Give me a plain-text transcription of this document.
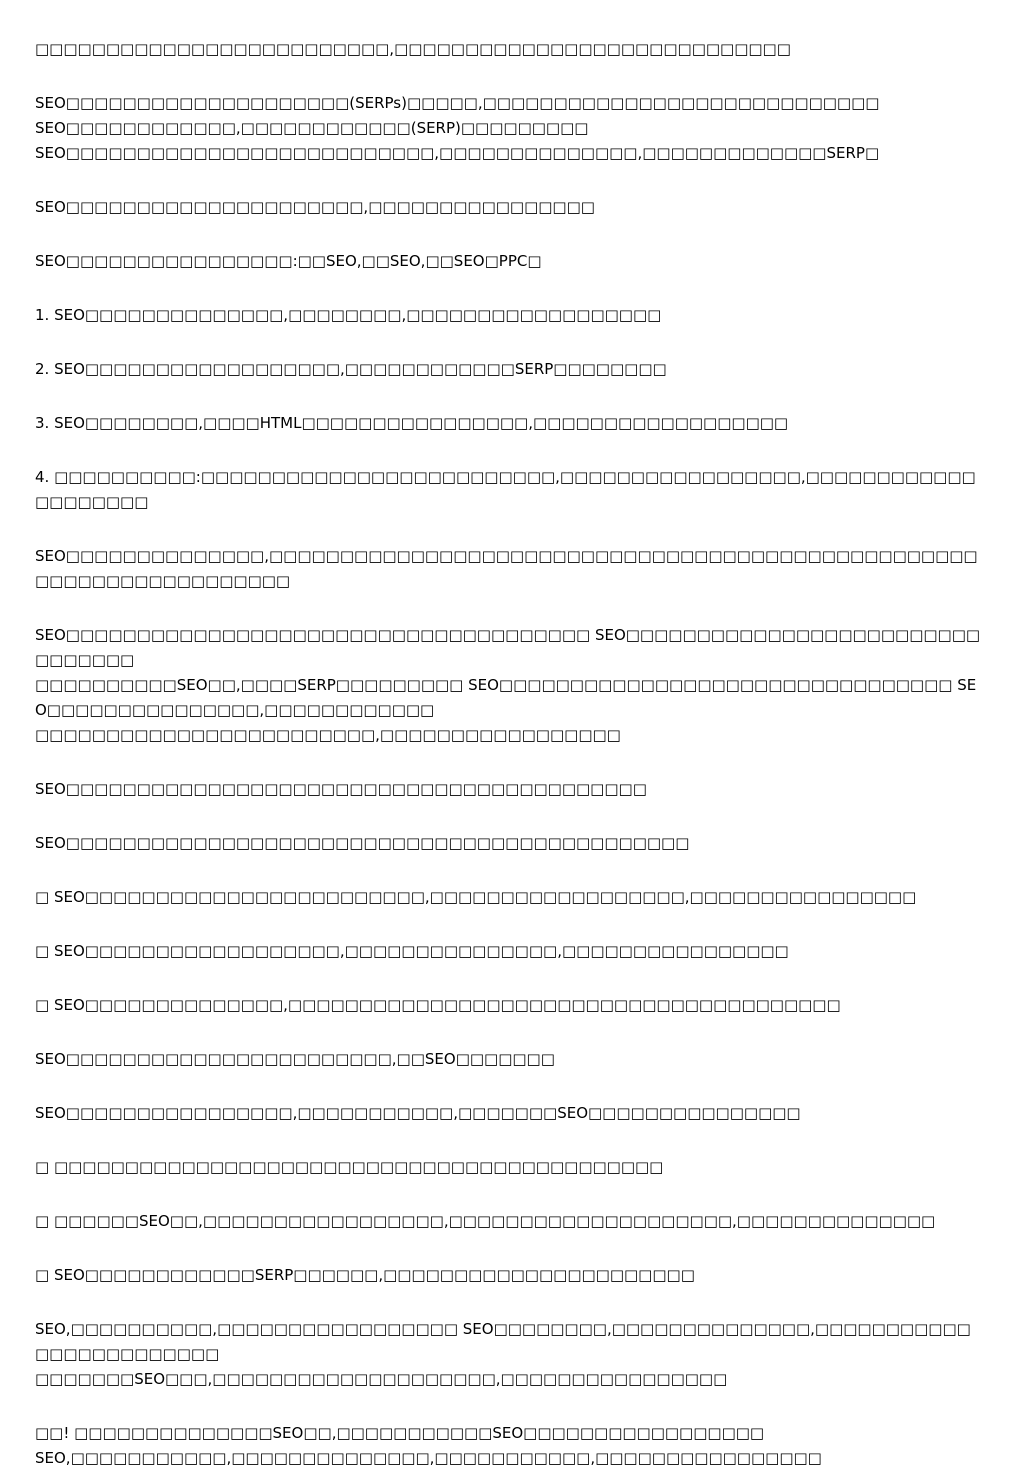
□□□□□□□□□□□□□□□□□□□□□□□□□,□□□□□□□□□□□□□□□□□□□□□□□□□□□□

SEO□□□□□□□□□□□□□□□□□□□□(SERPs)□□□□□,□□□□□□□□□□□□□□□□□□□□□□□□□□□□
SEO□□□□□□□□□□□□,□□□□□□□□□□□□(SERP)□□□□□□□□□
SEO□□□□□□□□□□□□□□□□□□□□□□□□□□,□□□□□□□□□□□□□□,□□□□□□□□□□□□□SERP□

SEO□□□□□□□□□□□□□□□□□□□□□,□□□□□□□□□□□□□□□□

SEO□□□□□□□□□□□□□□□□:□□SEO,□□SEO,□□SEO□PPC□

1. SEO□□□□□□□□□□□□□□,□□□□□□□□,□□□□□□□□□□□□□□□□□□

2. SEO□□□□□□□□□□□□□□□□□□,□□□□□□□□□□□□SERP□□□□□□□□

3. SEO□□□□□□□□,□□□□HTML□□□□□□□□□□□□□□□□,□□□□□□□□□□□□□□□□□□

4. □□□□□□□□□□:□□□□□□□□□□□□□□□□□□□□□□□□□,□□□□□□□□□□□□□□□□□,□□□□□□□□□□□□□□□□□□□□

SEO□□□□□□□□□□□□□□,□□□□□□□□□□□□□□□□□□□□□□□□□□□□□□□□□□□□□□□□□□□□□□□□□□□□□□□□□□□□□□□□□□□□

SEO□□□□□□□□□□□□□□□□□□□□□□□□□□□□□□□□□□□□□ SEO□□□□□□□□□□□□□□□□□□□□□□□□□□□□□□□□
□□□□□□□□□□SEO□□,□□□□SERP□□□□□□□□□ SEO□□□□□□□□□□□□□□□□□□□□□□□□□□□□□□□□ SEO□□□□□□□□□□□□□□□,□□□□□□□□□□□□
□□□□□□□□□□□□□□□□□□□□□□□□,□□□□□□□□□□□□□□□□□

SEO□□□□□□□□□□□□□□□□□□□□□□□□□□□□□□□□□□□□□□□□□

SEO□□□□□□□□□□□□□□□□□□□□□□□□□□□□□□□□□□□□□□□□□□□□

□ SEO□□□□□□□□□□□□□□□□□□□□□□□□,□□□□□□□□□□□□□□□□□□,□□□□□□□□□□□□□□□□

□ SEO□□□□□□□□□□□□□□□□□□,□□□□□□□□□□□□□□□,□□□□□□□□□□□□□□□□

□ SEO□□□□□□□□□□□□□□,□□□□□□□□□□□□□□□□□□□□□□□□□□□□□□□□□□□□□□□

SEO□□□□□□□□□□□□□□□□□□□□□□□,□□SEO□□□□□□□

SEO□□□□□□□□□□□□□□□□,□□□□□□□□□□□,□□□□□□□SEO□□□□□□□□□□□□□□□

□ □□□□□□□□□□□□□□□□□□□□□□□□□□□□□□□□□□□□□□□□□□□

□ □□□□□□SEO□□,□□□□□□□□□□□□□□□□□,□□□□□□□□□□□□□□□□□□□□,□□□□□□□□□□□□□□

□ SEO□□□□□□□□□□□□SERP□□□□□□,□□□□□□□□□□□□□□□□□□□□□□

SEO,□□□□□□□□□□,□□□□□□□□□□□□□□□□□ SEO□□□□□□□□,□□□□□□□□□□□□□□,□□□□□□□□□□□□□□□□□□□□□□□□
□□□□□□□SEO□□□,□□□□□□□□□□□□□□□□□□□□,□□□□□□□□□□□□□□□□

□□! □□□□□□□□□□□□□□SEO□□,□□□□□□□□□□□SEO□□□□□□□□□□□□□□□□□
SEO,□□□□□□□□□□□,□□□□□□□□□□□□□□,□□□□□□□□□□□,□□□□□□□□□□□□□□□□
